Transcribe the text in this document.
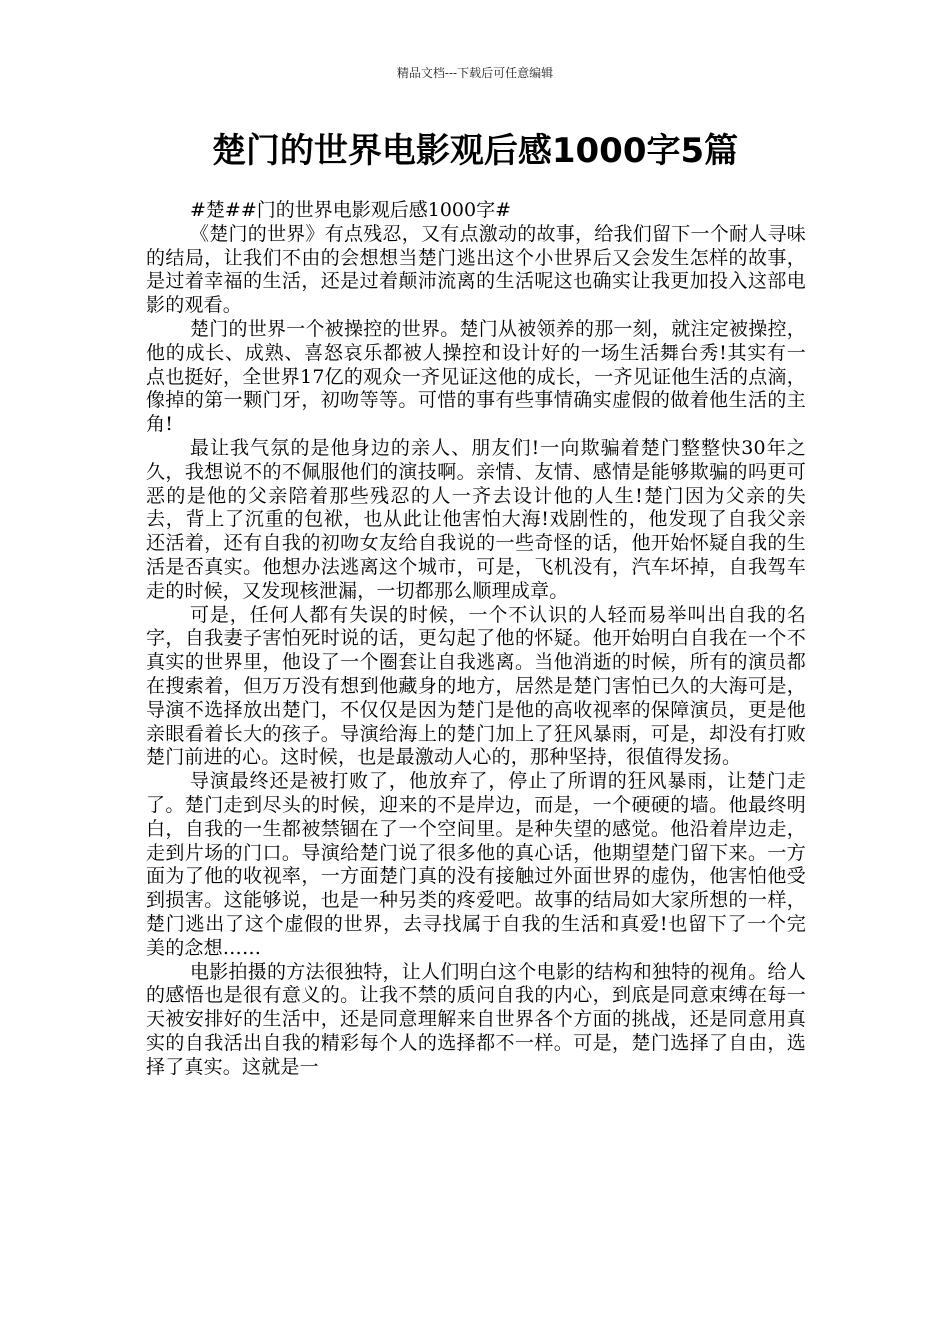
精品文档---下载后可任意编辑
楚门的世界电影观后感1000字5篇

#楚##门的世界电影观后感1000字#

《楚门的世界》有点残忍，又有点激动的故事，给我们留下一个耐人寻味的结局，让我们不由的会想想当楚门逃出这个小世界后又会发生怎样的故事，是过着幸福的生活，还是过着颠沛流离的生活呢这也确实让我更加投入这部电影的观看。

楚门的世界一个被操控的世界。楚门从被领养的那一刻，就注定被操控，他的成长、成熟、喜怒哀乐都被人操控和设计好的一场生活舞台秀!其实有一点也挺好，全世界17亿的观众一齐见证这他的成长，一齐见证他生活的点滴，像掉的第一颗门牙，初吻等等。可惜的事有些事情确实虚假的做着他生活的主角!

最让我气氛的是他身边的亲人、朋友们!一向欺骗着楚门整整快30年之久，我想说不的不佩服他们的演技啊。亲情、友情、感情是能够欺骗的吗更可恶的是他的父亲陪着那些残忍的人一齐去设计他的人生!楚门因为父亲的失去，背上了沉重的包袱，也从此让他害怕大海!戏剧性的，他发现了自我父亲还活着，还有自我的初吻女友给自我说的一些奇怪的话，他开始怀疑自我的生活是否真实。他想办法逃离这个城市，可是，飞机没有，汽车坏掉，自我驾车走的时候，又发现核泄漏，一切都那么顺理成章。

可是，任何人都有失误的时候，一个不认识的人轻而易举叫出自我的名字，自我妻子害怕死时说的话，更勾起了他的怀疑。他开始明白自我在一个不真实的世界里，他设了一个圈套让自我逃离。当他消逝的时候，所有的演员都在搜索着，但万万没有想到他藏身的地方，居然是楚门害怕已久的大海可是，导演不选择放出楚门，不仅仅是因为楚门是他的高收视率的保障演员，更是他亲眼看着长大的孩子。导演给海上的楚门加上了狂风暴雨，可是，却没有打败楚门前进的心。这时候，也是最激动人心的，那种坚持，很值得发扬。

导演最终还是被打败了，他放弃了，停止了所谓的狂风暴雨，让楚门走了。楚门走到尽头的时候，迎来的不是岸边，而是，一个硬硬的墙。他最终明白，自我的一生都被禁锢在了一个空间里。是种失望的感觉。他沿着岸边走，走到片场的门口。导演给楚门说了很多他的真心话，他期望楚门留下来。一方面为了他的收视率，一方面楚门真的没有接触过外面世界的虚伪，他害怕他受到损害。这能够说，也是一种另类的疼爱吧。故事的结局如大家所想的一样，楚门逃出了这个虚假的世界，去寻找属于自我的生活和真爱!也留下了一个完美的念想……

电影拍摄的方法很独特，让人们明白这个电影的结构和独特的视角。给人的感悟也是很有意义的。让我不禁的质问自我的内心，到底是同意束缚在每一天被安排好的生活中，还是同意理解来自世界各个方面的挑战，还是同意用真实的自我活出自我的精彩每个人的选择都不一样。可是，楚门选择了自由，选择了真实。这就是一
